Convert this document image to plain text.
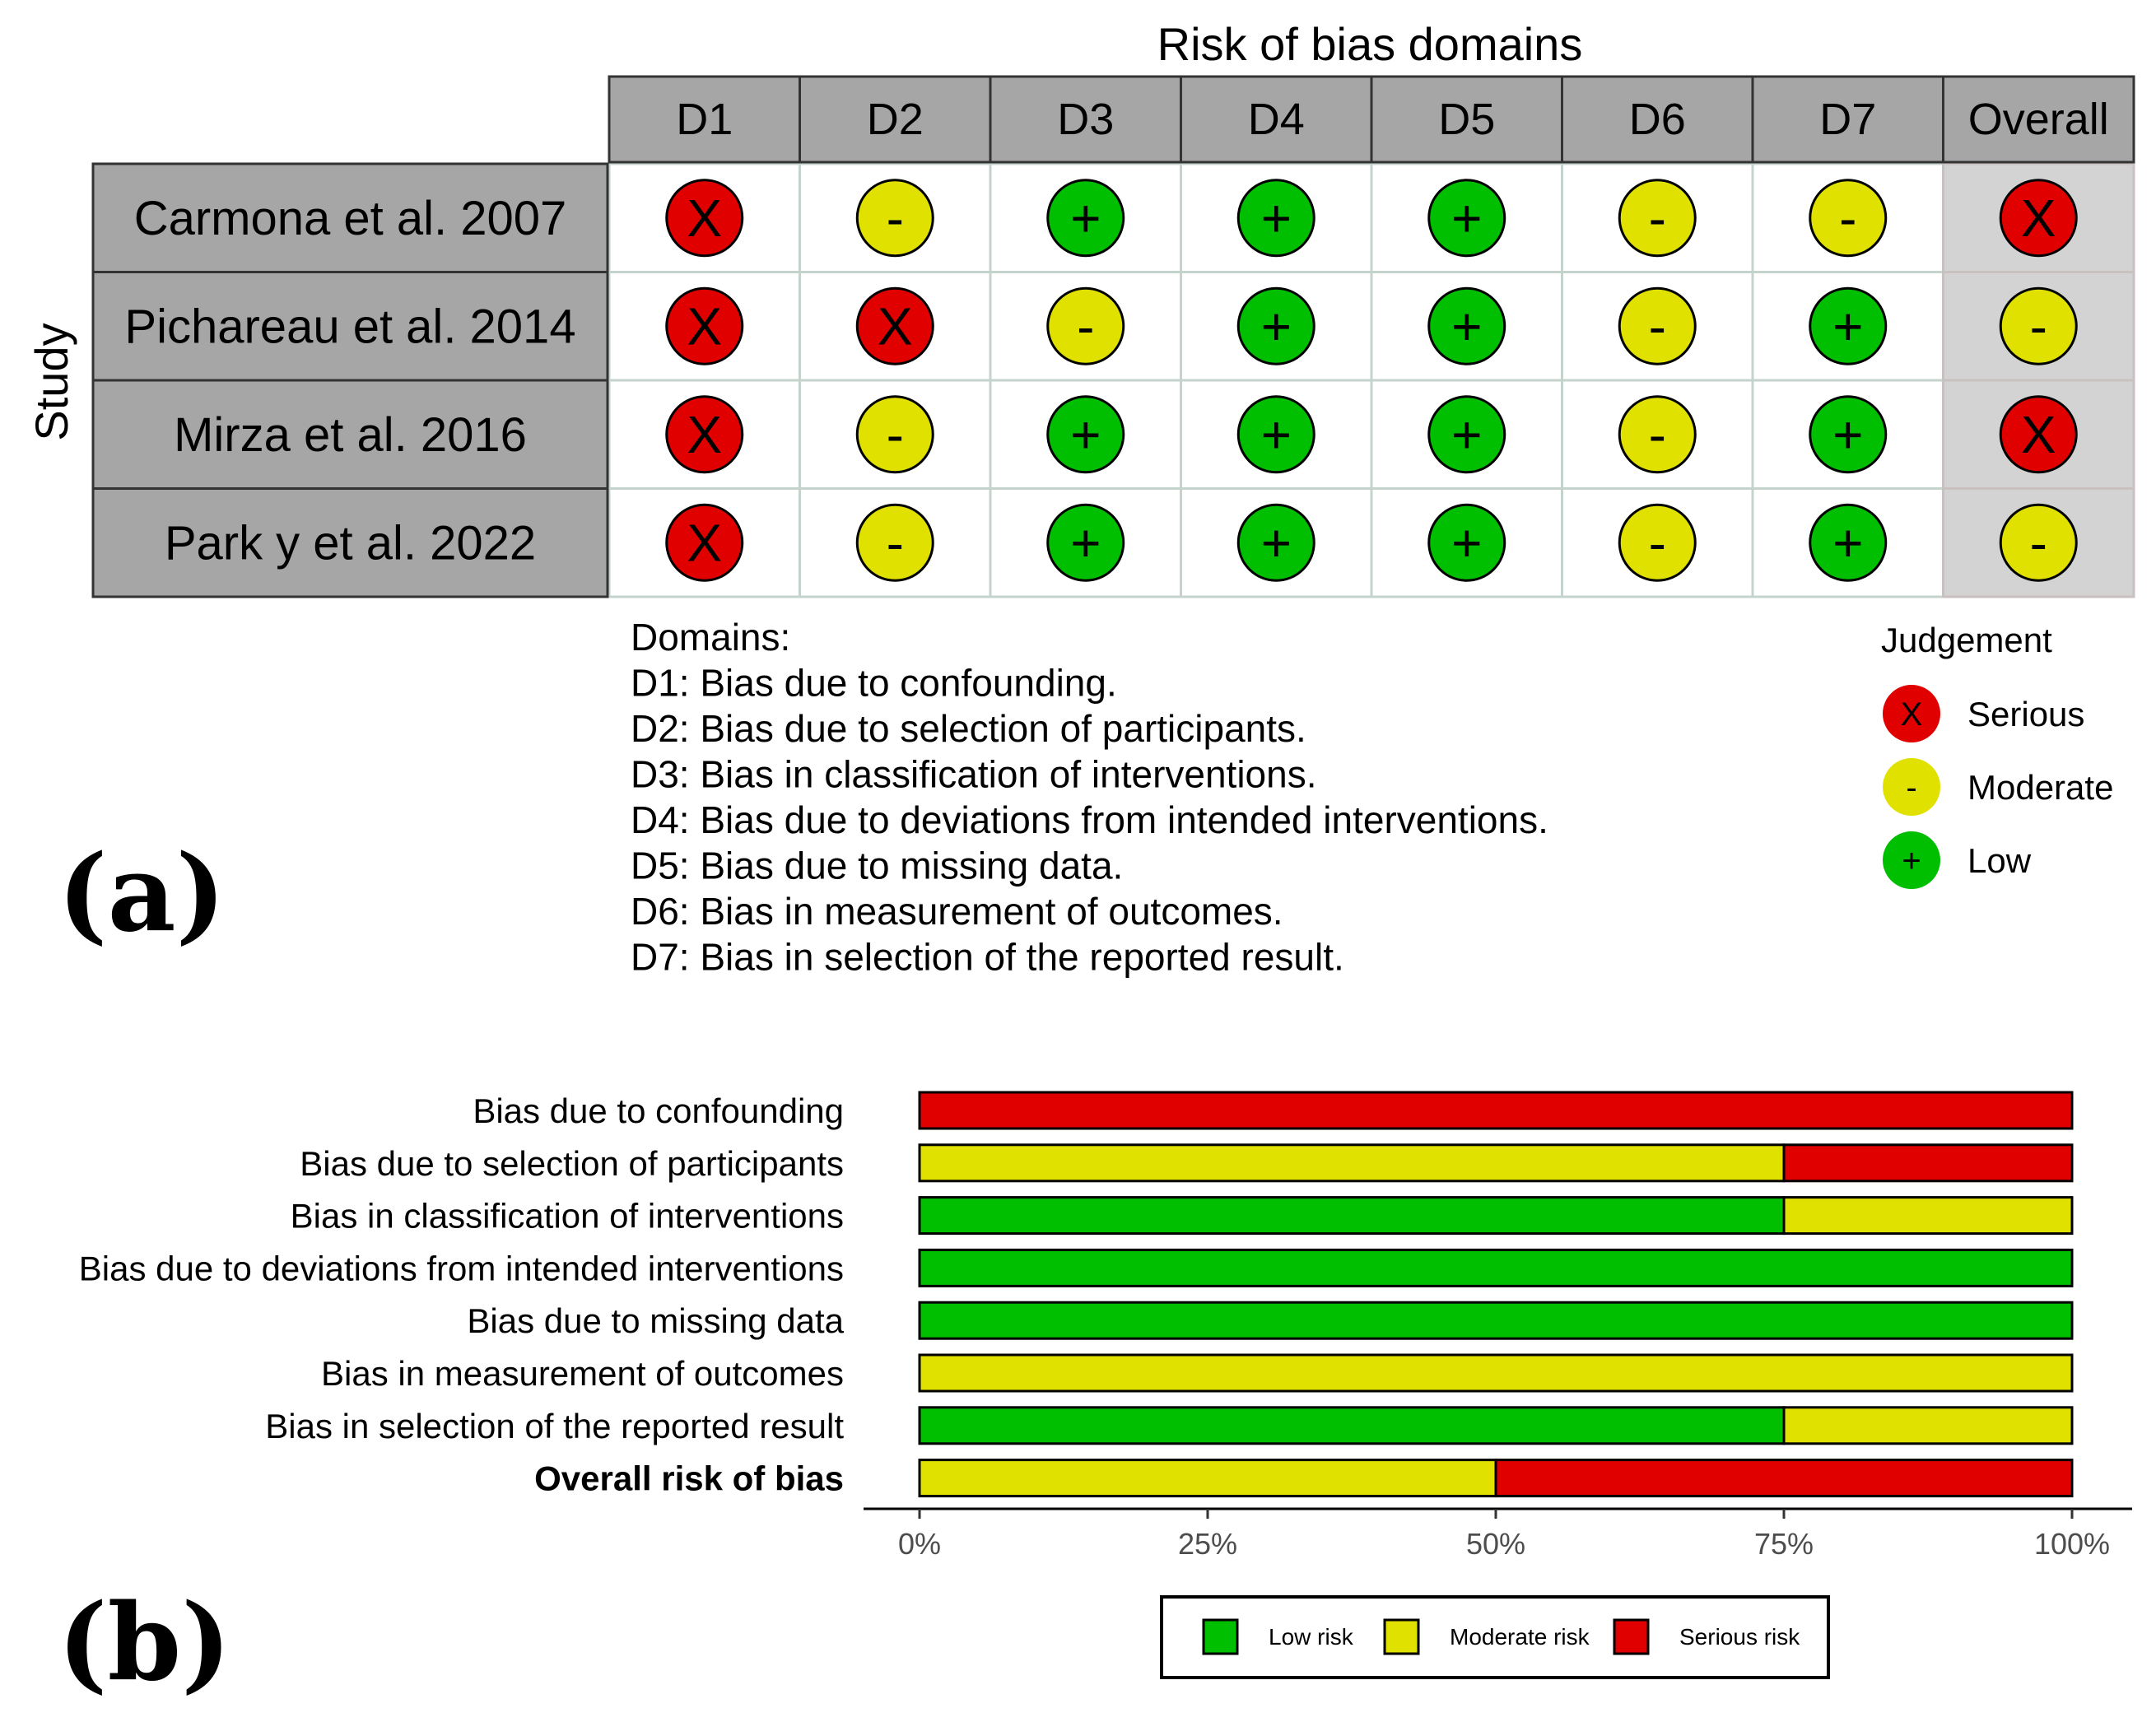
Risk of bias domains
Study
D1	D2	D3	D4	D5	D6	D7 Overall
Carmona et al. 2007 X	-	+	+	+	-	-	X
Pichareau et al. 2014 X	X	-	+	+	-	+	-
Mirza et al. 2016	X	-	+	+	+	-	+	X
Park y et al. 2022	X	-	+	+	+	-	+	-
Domains:
D1: Bias due to confounding.
D2: Bias due to selection of participants.
D3: Bias in classification of interventions.
D4: Bias due to deviations from intended interventions.
D5: Bias due to missing data.
D6: Bias in measurement of outcomes.
D7: Bias in selection of the reported result.
Judgement
X Serious
- Moderate
+ Low
(a)
Bias due to confounding
Bias due to selection of participants
Bias in classification of interventions
Bias due to deviations from intended interventions
Bias due to missing data
Bias in measurement of outcomes
Bias in selection of the reported result
Overall risk of bias
0%	25%	50%	75%	100%
Low risk	Moderate risk	Serious risk
(b)
